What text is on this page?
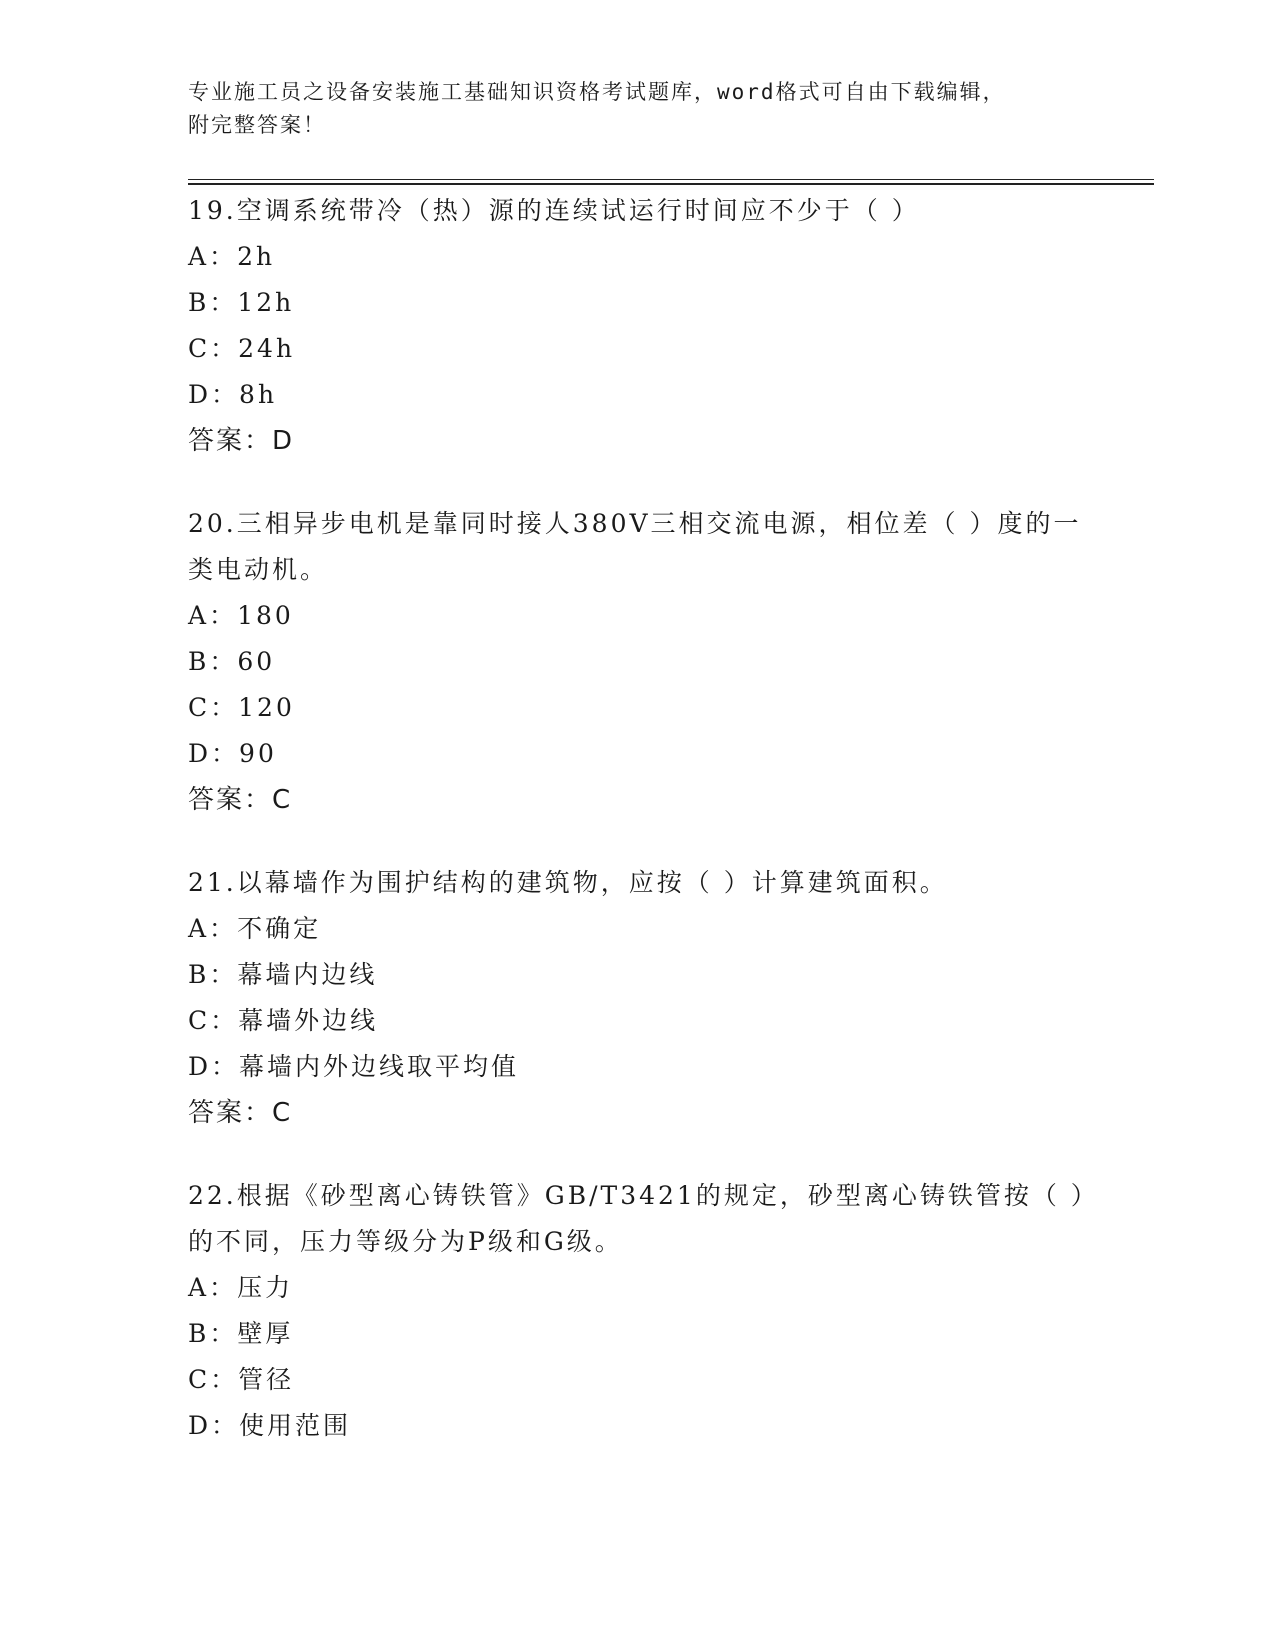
专业施工员之设备安装施工基础知识资格考试题库，word格式可自由下载编辑，
附完整答案！

19.空调系统带冷（热）源的连续试运行时间应不少于（ ）

A：2h

B：12h

C：24h

D：8h

答案：D

20.三相异步电机是靠同时接人380V三相交流电源，相位差（ ）度的一类电动机。

A：180

B：60

C：120

D：90

答案：C

21.以幕墙作为围护结构的建筑物，应按（ ）计算建筑面积。

A：不确定

B：幕墙内边线

C：幕墙外边线

D：幕墙内外边线取平均值

答案：C

22.根据《砂型离心铸铁管》GB/T3421的规定，砂型离心铸铁管按（ ）的不同，压力等级分为P级和G级。

A：压力

B：壁厚

C：管径

D：使用范围
